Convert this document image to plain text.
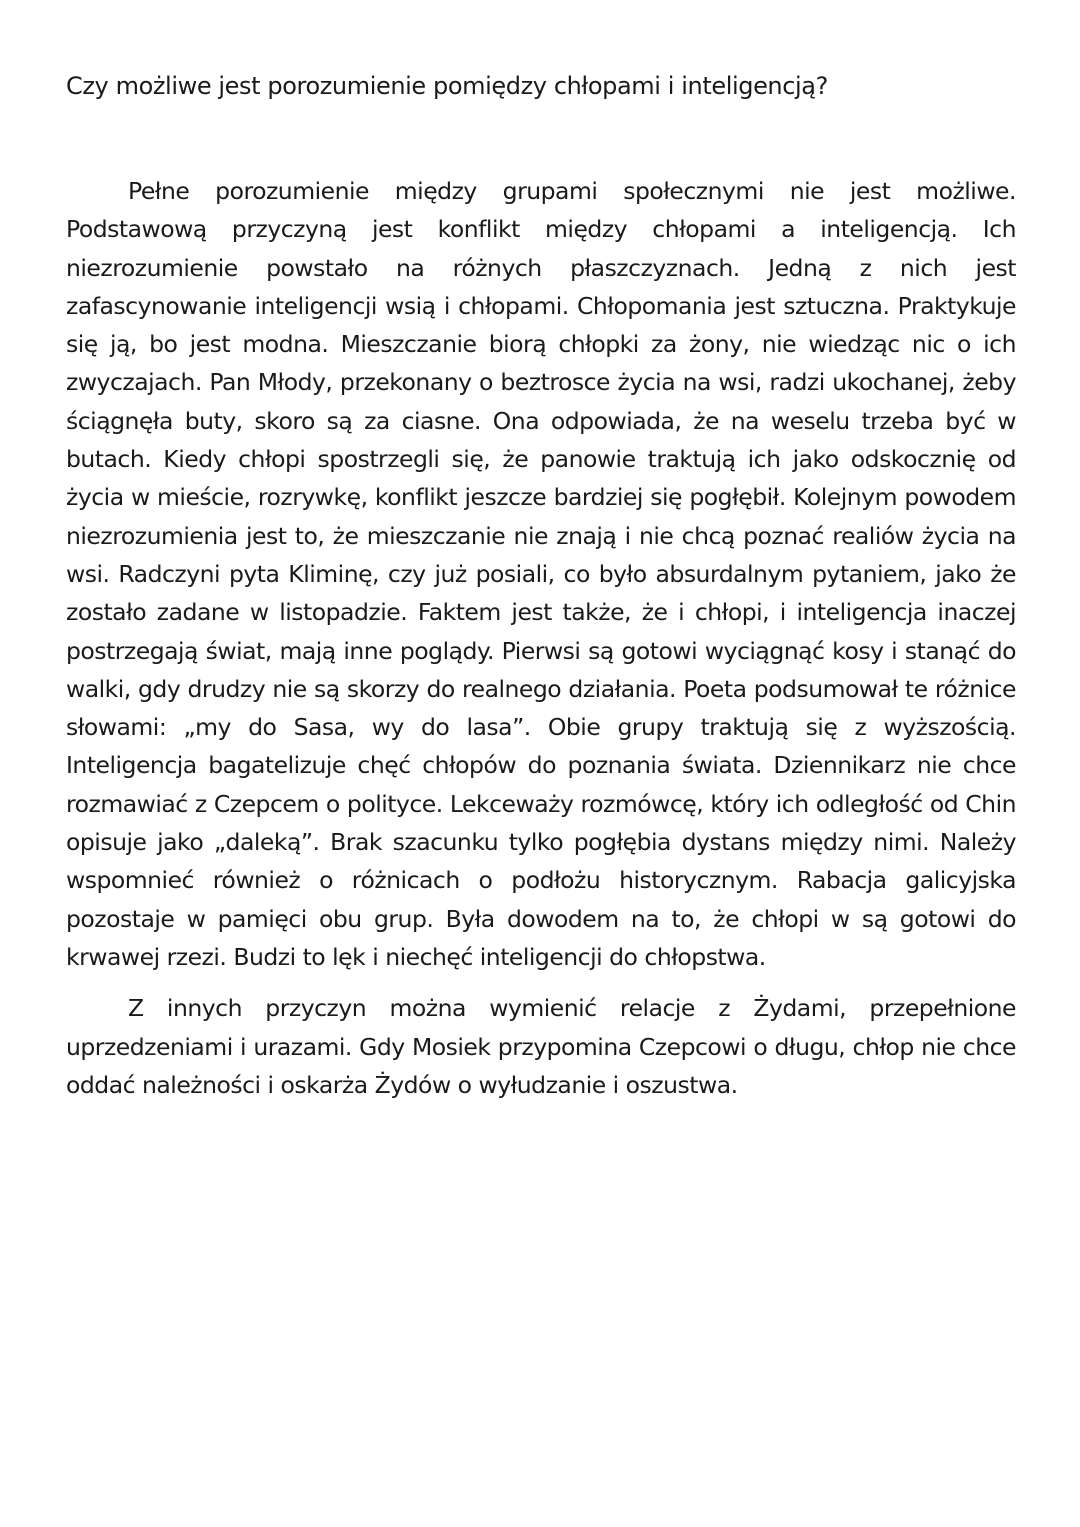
Czy możliwe jest porozumienie pomiędzy chłopami i inteligencją?

Pełne porozumienie między grupami społecznymi nie jest możliwe. Podstawową przyczyną jest konflikt między chłopami a inteligencją. Ich niezrozumienie powstało na różnych płaszczyznach. Jedną z nich jest zafascynowanie inteligencji wsią i chłopami. Chłopomania jest sztuczna. Praktykuje się ją, bo jest modna. Mieszczanie biorą chłopki za żony, nie wiedząc nic o ich zwyczajach. Pan Młody, przekonany o beztrosce życia na wsi, radzi ukochanej, żeby ściągnęła buty, skoro są za ciasne. Ona odpowiada, że na weselu trzeba być w butach. Kiedy chłopi spostrzegli się, że panowie traktują ich jako odskocznię od życia w mieście, rozrywkę, konflikt jeszcze bardziej się pogłębił. Kolejnym powodem niezrozumienia jest to, że mieszczanie nie znają i nie chcą poznać realiów życia na wsi. Radczyni pyta Kliminę, czy już posiali, co było absurdalnym pytaniem, jako że zostało zadane w listopadzie. Faktem jest także, że i chłopi, i inteligencja inaczej postrzegają świat, mają inne poglądy. Pierwsi są gotowi wyciągnąć kosy i stanąć do walki, gdy drudzy nie są skorzy do realnego działania. Poeta podsumował te różnice słowami: „my do Sasa, wy do lasa”. Obie grupy traktują się z wyższością. Inteligencja bagatelizuje chęć chłopów do poznania świata. Dziennikarz nie chce rozmawiać z Czepcem o polityce. Lekceważy rozmówcę, który ich odległość od Chin opisuje jako „daleką”. Brak szacunku tylko pogłębia dystans między nimi. Należy wspomnieć również o różnicach o podłożu historycznym. Rabacja galicyjska pozostaje w pamięci obu grup. Była dowodem na to, że chłopi w są gotowi do krwawej rzezi. Budzi to lęk i niechęć inteligencji do chłopstwa.

Z innych przyczyn można wymienić relacje z Żydami, przepełnione uprzedzeniami i urazami. Gdy Mosiek przypomina Czepcowi o długu, chłop nie chce oddać należności i oskarża Żydów o wyłudzanie i oszustwa.
